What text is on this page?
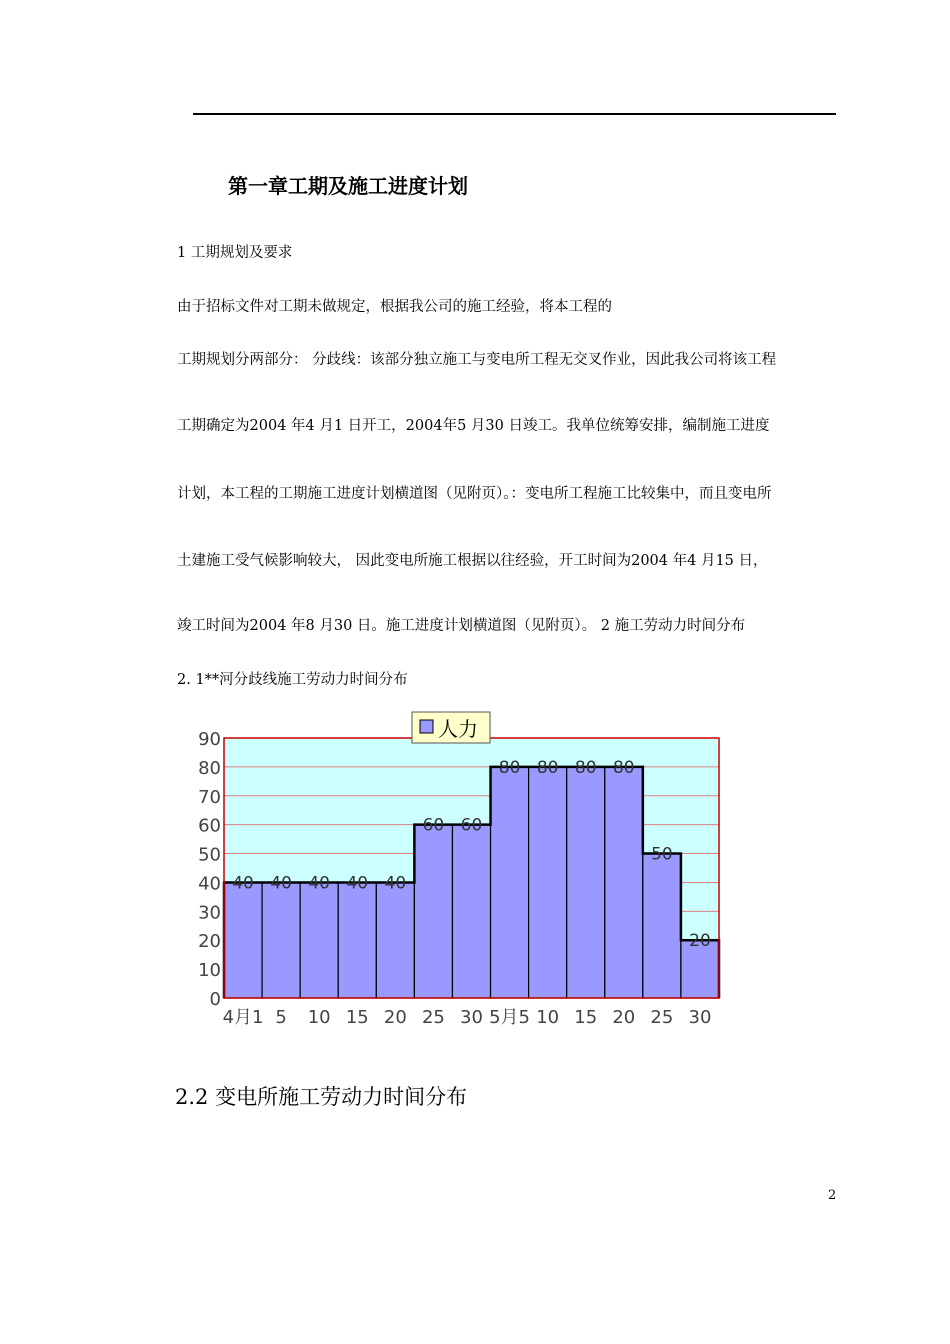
第一章工期及施工进度计划
1 工期规划及要求
由于招标文件对工期未做规定，根据我公司的施工经验，将本工程的
工期规划分两部分： 分歧线：该部分独立施工与变电所工程无交叉作业，因此我公司将该工程
工期确定为2004 年4 月1 日开工，2004年5 月30 日竣工。我单位统筹安排，编制施工进度
计划，本工程的工期施工进度计划横道图（见附页）。：变电所工程施工比较集中，而且变电所
土建施工受气候影响较大， 因此变电所施工根据以往经验，开工时间为2004 年4 月15 日，
竣工时间为2004 年8 月30 日。施工进度计划横道图（见附页）。 2 施工劳动力时间分布
2. 1**河分歧线施工劳动力时间分布
0
10
20
30
40
50
60
70
80
90
4月1 5 10 15 20 25 30 5月5 10 15 20 25 30
40 40 40 40 40
60 60
80 80 80 80
50
20
人力
2.2 变电所施工劳动力时间分布
2
